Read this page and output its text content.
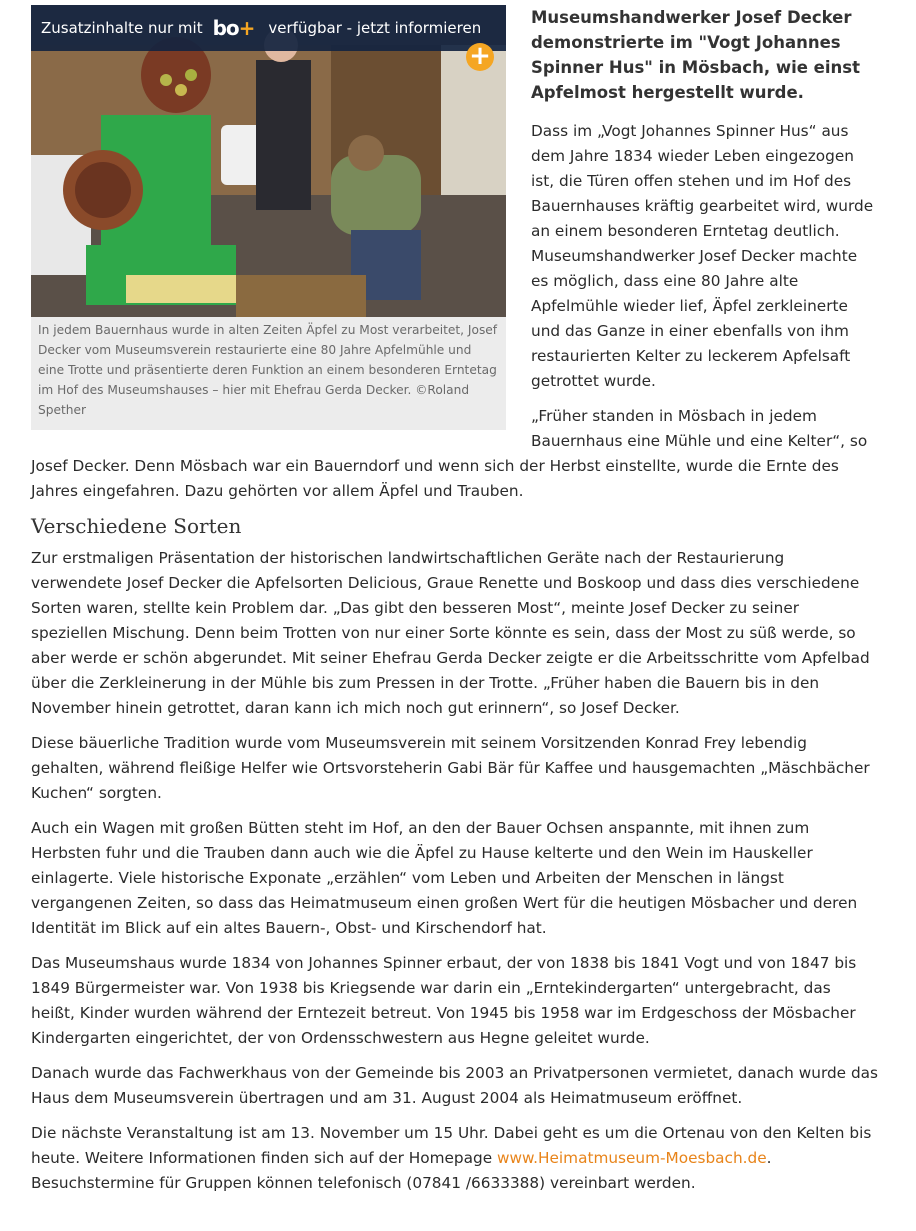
Zusatzinhalte nur mit bo+ verfügbar - jetzt informieren
+
In jedem Bauernhaus wurde in alten Zeiten Äpfel zu Most verarbeitet, Josef Decker vom Museumsverein restaurierte eine 80 Jahre Apfelmühle und eine Trotte und präsentierte deren Funktion an einem besonderen Erntetag im Hof des Museumshauses – hier mit Ehefrau Gerda Decker. ©Roland Spether
Museumshandwerker Josef Decker demonstrierte im "Vogt Johannes Spinner Hus" in Mösbach, wie einst Apfelmost hergestellt wurde.

Dass im „Vogt Johannes Spinner Hus“ aus dem Jahre 1834 wieder Leben eingezogen ist, die Türen offen stehen und im Hof des Bauernhauses kräftig gearbeitet wird, wurde an einem besonderen Erntetag deutlich. Museumshandwerker Josef Decker machte es möglich, dass eine 80 Jahre alte Apfelmühle wieder lief, Äpfel zerkleinerte und das Ganze in einer ebenfalls von ihm restaurierten Kelter zu leckerem Apfelsaft getrottet wurde.

„Früher standen in Mösbach in jedem Bauernhaus eine Mühle und eine Kelter“, so Josef Decker. Denn Mösbach war ein Bauerndorf und wenn sich der Herbst einstellte, wurde die Ernte des Jahres eingefahren. Dazu gehörten vor allem Äpfel und Trauben.

Verschiedene Sorten

Zur erstmaligen Präsentation der historischen landwirtschaftlichen Geräte nach der Restaurierung verwendete Josef Decker die Apfelsorten Delicious, Graue Renette und Boskoop und dass dies verschiedene Sorten waren, stellte kein Problem dar. „Das gibt den besseren Most“, meinte Josef Decker zu seiner speziellen Mischung. Denn beim Trotten von nur einer Sorte könnte es sein, dass der Most zu süß werde, so aber werde er schön abgerundet. Mit seiner Ehefrau Gerda Decker zeigte er die Arbeitsschritte vom Apfelbad über die Zerkleinerung in der Mühle bis zum Pressen in der Trotte. „Früher haben die Bauern bis in den November hinein getrottet, daran kann ich mich noch gut erinnern“, so Josef Decker.

Diese bäuerliche Tradition wurde vom Museumsverein mit seinem Vorsitzenden Konrad Frey lebendig gehalten, während fleißige Helfer wie Ortsvorsteherin Gabi Bär für Kaffee und hausgemachten „Mäschbächer Kuchen“ sorgten.

Auch ein Wagen mit großen Bütten steht im Hof, an den der Bauer Ochsen anspannte, mit ihnen zum Herbsten fuhr und die Trauben dann auch wie die Äpfel zu Hause kelterte und den Wein im Hauskeller einlagerte. Viele historische Exponate „erzählen“ vom Leben und Arbeiten der Menschen in längst vergangenen Zeiten, so dass das Heimatmuseum einen großen Wert für die heutigen Mösbacher und deren Identität im Blick auf ein altes Bauern-, Obst- und Kirschendorf hat.

Das Museumshaus wurde 1834 von Johannes Spinner erbaut, der von 1838 bis 1841 Vogt und von 1847 bis 1849 Bürgermeister war. Von 1938 bis Kriegsende war darin ein „Erntekindergarten“ untergebracht, das heißt, Kinder wurden während der Erntezeit betreut. Von 1945 bis 1958 war im Erdgeschoss der Mösbacher Kindergarten eingerichtet, der von Ordensschwestern aus Hegne geleitet wurde.

Danach wurde das Fachwerkhaus von der Gemeinde bis 2003 an Privatpersonen vermietet, danach wurde das Haus dem Museumsverein übertragen und am 31. August 2004 als Heimatmuseum eröffnet.

Die nächste Veranstaltung ist am 13. November um 15 Uhr. Dabei geht es um die Ortenau von den Kelten bis heute. Weitere Informationen finden sich auf der Homepage www.Heimatmuseum-Moesbach.de. Besuchstermine für Gruppen können telefonisch (07841 /6633388) vereinbart werden.
